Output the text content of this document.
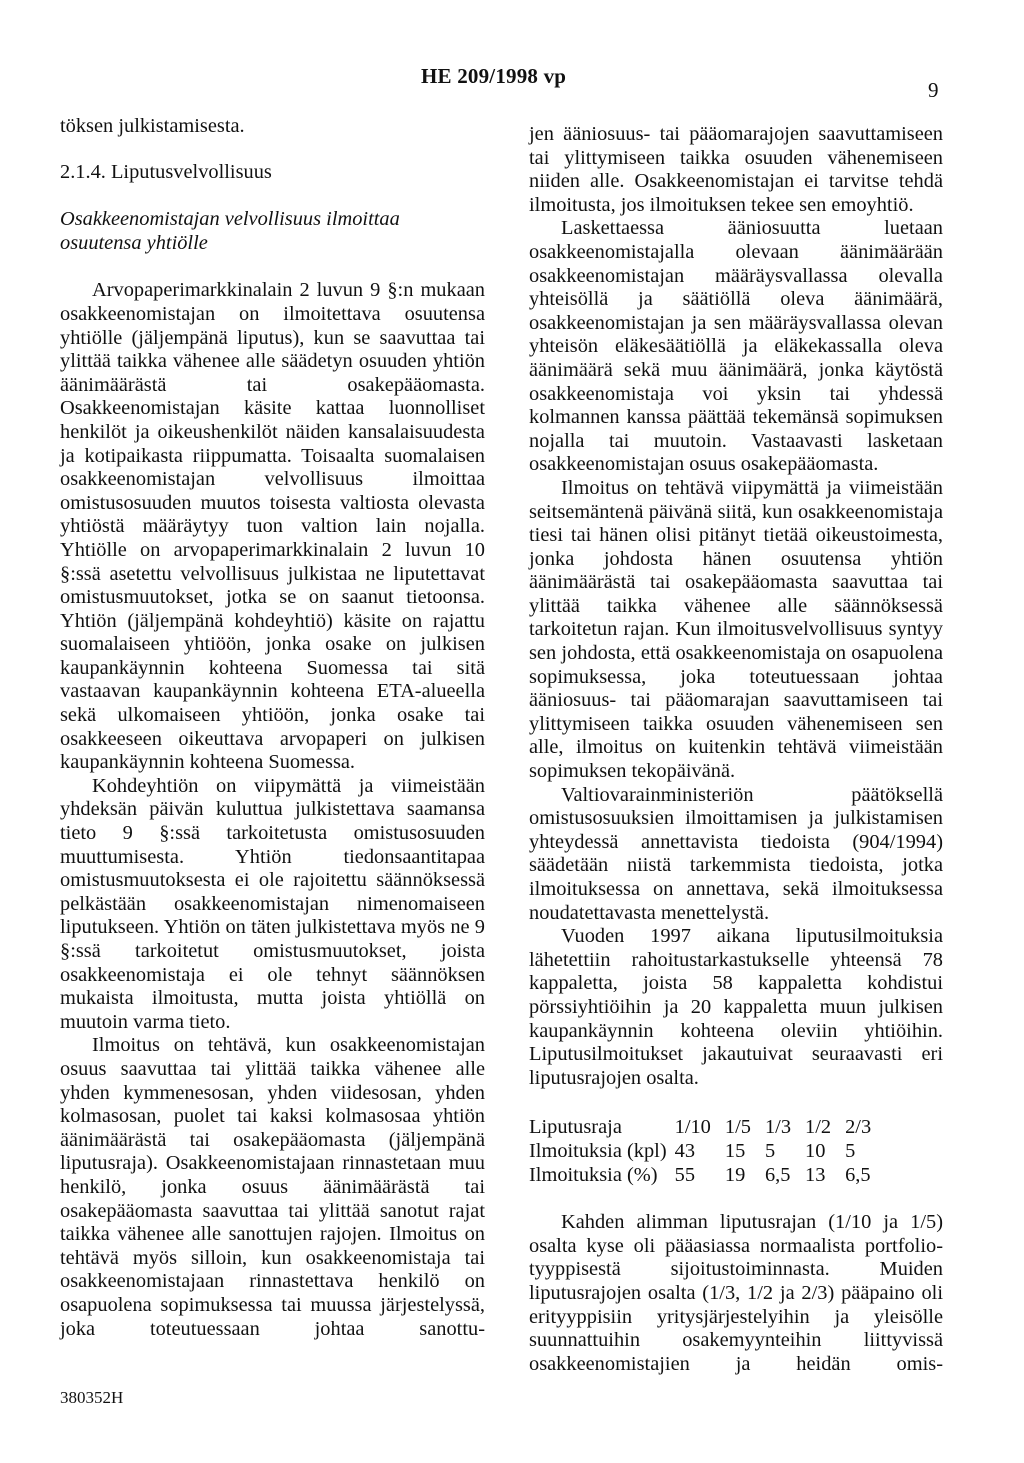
HE 209/1998 vp
9

töksen julkistamisesta.

2.1.4. Liputusvelvollisuus

Osakkeenomistajan velvollisuus ilmoittaa osuutensa yhtiölle

Arvopaperimarkkinalain 2 luvun 9 §:n mukaan osakkeenomistajan on ilmoitettava osuutensa yhtiölle (jäljempänä liputus), kun se saavuttaa tai ylittää taikka vähenee alle säädetyn osuuden yhtiön äänimäärästä tai osakepääomasta. Osakkeenomistajan käsite kattaa luonnolliset henkilöt ja oikeushenkilöt näiden kansalaisuudesta ja kotipaikasta riippumatta. Toisaalta suomalaisen osakkeenomistajan velvollisuus ilmoittaa omistusosuuden muutos toisesta valtiosta olevasta yhtiöstä määräytyy tuon valtion lain nojalla. Yhtiölle on arvopaperimarkkinalain 2 luvun 10 §:ssä asetettu velvollisuus julkistaa ne liputettavat omistusmuutokset, jotka se on saanut tietoonsa. Yhtiön (jäljempänä kohdeyhtiö) käsite on rajattu suomalaiseen yhtiöön, jonka osake on julkisen kaupankäynnin kohteena Suomessa tai sitä vastaavan kaupankäynnin kohteena ETA-alueella sekä ulkomaiseen yhtiöön, jonka osake tai osakkeeseen oikeuttava arvopaperi on julkisen kaupankäynnin kohteena Suomessa.

Kohdeyhtiön on viipymättä ja viimeistään yhdeksän päivän kuluttua julkistettava saamansa tieto 9 §:ssä tarkoitetusta omistusosuuden muuttumisesta. Yhtiön tiedonsaantitapaa omistusmuutoksesta ei ole rajoitettu säännöksessä pelkästään osakkeenomistajan nimenomaiseen liputukseen. Yhtiön on täten julkistettava myös ne 9 §:ssä tarkoitetut omistusmuutokset, joista osakkeenomistaja ei ole tehnyt säännöksen mukaista ilmoitusta, mutta joista yhtiöllä on muutoin varma tieto.

Ilmoitus on tehtävä, kun osakkeenomistajan osuus saavuttaa tai ylittää taikka vähenee alle yhden kymmenesosan, yhden viidesosan, yhden kolmasosan, puolet tai kaksi kolmasosaa yhtiön äänimäärästä tai osakepääomasta (jäljempänä liputusraja). Osakkeenomistajaan rinnastetaan muu henkilö, jonka osuus äänimäärästä tai osakepääomasta saavuttaa tai ylittää sanotut rajat taikka vähenee alle sanottujen rajojen. Ilmoitus on tehtävä myös silloin, kun osakkeenomistaja tai osakkeenomistajaan rinnastettava henkilö on osapuolena sopimuksessa tai muussa järjestelyssä, joka toteutuessaan johtaa sanottu-

jen ääniosuus- tai pääomarajojen saavuttamiseen tai ylittymiseen taikka osuuden vähenemiseen niiden alle. Osakkeenomistajan ei tarvitse tehdä ilmoitusta, jos ilmoituksen tekee sen emoyhtiö.

Laskettaessa ääniosuutta luetaan osakkeenomistajalla olevaan äänimäärään osakkeenomistajan määräysvallassa olevalla yhteisöllä ja säätiöllä oleva äänimäärä, osakkeenomistajan ja sen määräysvallassa olevan yhteisön eläkesäätiöllä ja eläkekassalla oleva äänimäärä sekä muu äänimäärä, jonka käytöstä osakkeenomistaja voi yksin tai yhdessä kolmannen kanssa päättää tekemänsä sopimuksen nojalla tai muutoin. Vastaavasti lasketaan osakkeenomistajan osuus osakepääomasta.

Ilmoitus on tehtävä viipymättä ja viimeistään seitsemäntenä päivänä siitä, kun osakkeenomistaja tiesi tai hänen olisi pitänyt tietää oikeustoimesta, jonka johdosta hänen osuutensa yhtiön äänimäärästä tai osakepääomasta saavuttaa tai ylittää taikka vähenee alle säännöksessä tarkoitetun rajan. Kun ilmoitusvelvollisuus syntyy sen johdosta, että osakkeenomistaja on osapuolena sopimuksessa, joka toteutuessaan johtaa ääniosuus- tai pääomarajan saavuttamiseen tai ylittymiseen taikka osuuden vähenemiseen sen alle, ilmoitus on kuitenkin tehtävä viimeistään sopimuksen tekopäivänä.

Valtiovarainministeriön päätöksellä omistusosuuksien ilmoittamisen ja julkistamisen yhteydessä annettavista tiedoista (904/1994) säädetään niistä tarkemmista tiedoista, jotka ilmoituksessa on annettava, sekä ilmoituksessa noudatettavasta menettelystä.

Vuoden 1997 aikana liputusilmoituksia lähetettiin rahoitustarkastukselle yhteensä 78 kappaletta, joista 58 kappaletta kohdistui pörssiyhtiöihin ja 20 kappaletta muun julkisen kaupankäynnin kohteena oleviin yhtiöihin. Liputusilmoitukset jakautuivat seuraavasti eri liputusrajojen osalta.

Liputusraja	1/10	1/5	1/3	1/2	2/3
Ilmoituksia (kpl)	43	15	5	10	5
Ilmoituksia (%)	55	19	6,5	13	6,5

Kahden alimman liputusrajan (1/10 ja 1/5) osalta kyse oli pääasiassa normaalista portfolio-tyyppisestä sijoitustoiminnasta. Muiden liputusrajojen osalta (1/3, 1/2 ja 2/3) pääpaino oli erityyppisiin yritysjärjestelyihin ja yleisölle suunnattuihin osakemyynteihin liittyvissä osakkeenomistajien ja heidän omis-

380352H
